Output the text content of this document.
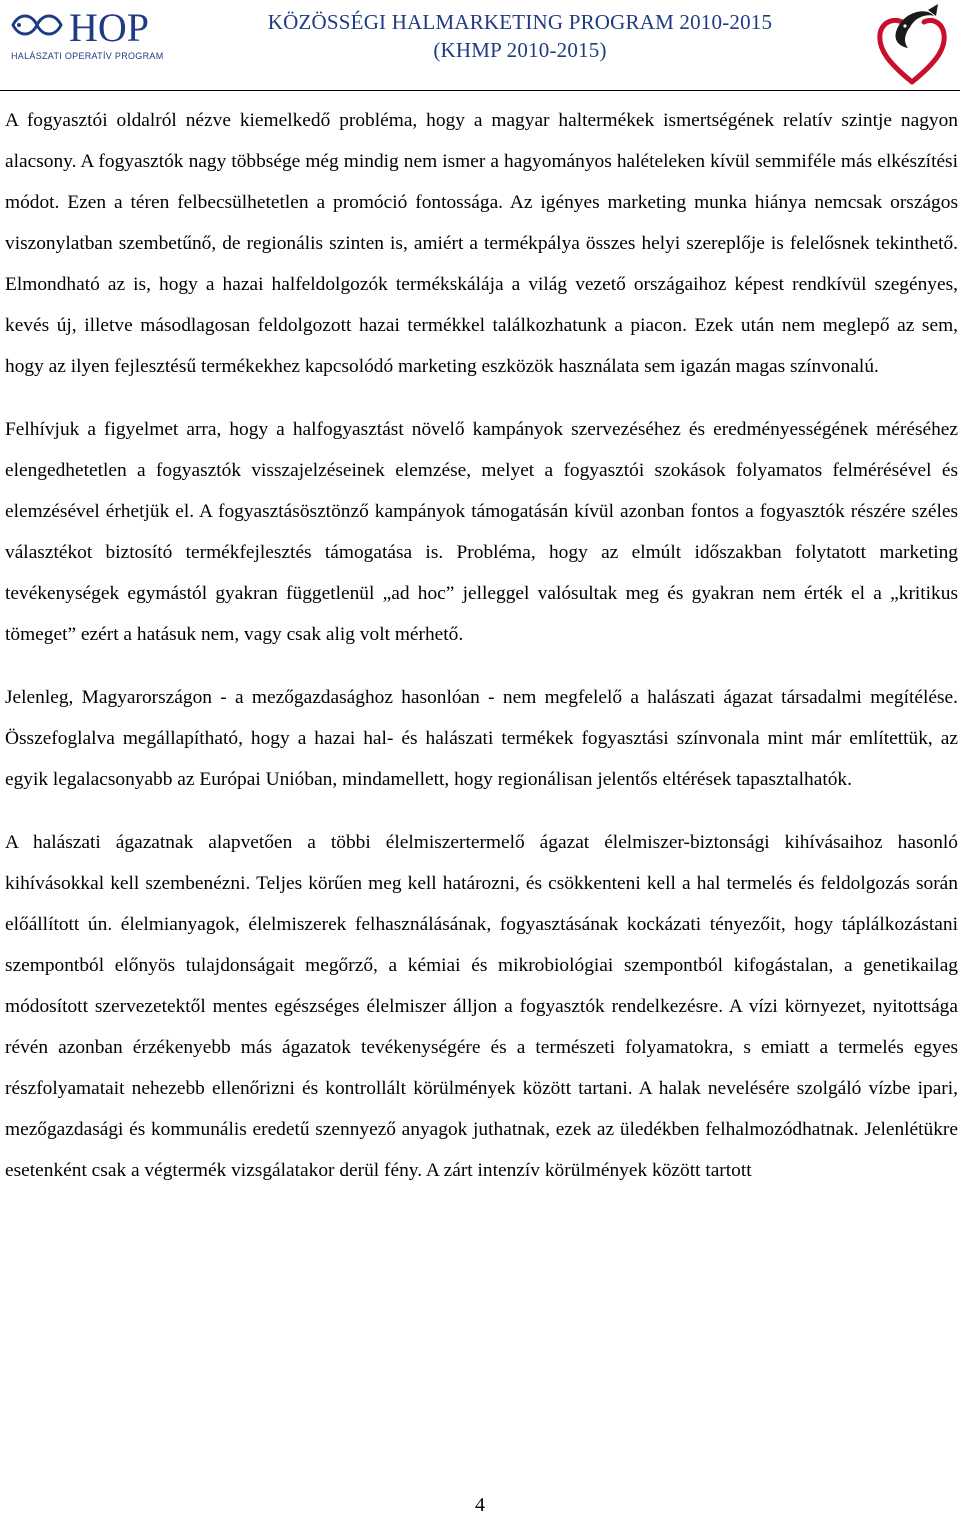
HOP
HALÁSZATI OPERATÍV PROGRAM
KÖZÖSSÉGI HALMARKETING PROGRAM 2010-2015
(KHMP 2010-2015)

A fogyasztói oldalról nézve kiemelkedő probléma, hogy a magyar haltermékek ismertségének relatív szintje nagyon alacsony. A fogyasztók nagy többsége még mindig nem ismer a hagyományos halételeken kívül semmiféle más elkészítési módot. Ezen a téren felbecsülhetetlen a promóció fontossága. Az igényes marketing munka hiánya nemcsak országos viszonylatban szembetűnő, de regionális szinten is, amiért a termékpálya összes helyi szereplője is felelősnek tekinthető. Elmondható az is, hogy a hazai halfeldolgozók termékskálája a világ vezető országaihoz képest rendkívül szegényes, kevés új, illetve másodlagosan feldolgozott hazai termékkel találkozhatunk a piacon. Ezek után nem meglepő az sem, hogy az ilyen fejlesztésű termékekhez kapcsolódó marketing eszközök használata sem igazán magas színvonalú.

Felhívjuk a figyelmet arra, hogy a halfogyasztást növelő kampányok szervezéséhez és eredményességének méréséhez elengedhetetlen a fogyasztók visszajelzéseinek elemzése, melyet a fogyasztói szokások folyamatos felmérésével és elemzésével érhetjük el. A fogyasztásösztönző kampányok támogatásán kívül azonban fontos a fogyasztók részére széles választékot biztosító termékfejlesztés támogatása is. Probléma, hogy az elmúlt időszakban folytatott marketing tevékenységek egymástól gyakran függetlenül „ad hoc” jelleggel valósultak meg és gyakran nem érték el a „kritikus tömeget” ezért a hatásuk nem, vagy csak alig volt mérhető.

Jelenleg, Magyarországon - a mezőgazdasághoz hasonlóan - nem megfelelő a halászati ágazat társadalmi megítélése. Összefoglalva megállapítható, hogy a hazai hal- és halászati termékek fogyasztási színvonala mint már említettük, az egyik legalacsonyabb az Európai Unióban, mindamellett, hogy regionálisan jelentős eltérések tapasztalhatók.

A halászati ágazatnak alapvetően a többi élelmiszertermelő ágazat élelmiszer-biztonsági kihívásaihoz hasonló kihívásokkal kell szembenézni. Teljes körűen meg kell határozni, és csökkenteni kell a hal termelés és feldolgozás során előállított ún. élelmianyagok, élelmiszerek felhasználásának, fogyasztásának kockázati tényezőit, hogy táplálkozástani szempontból előnyös tulajdonságait megőrző, a kémiai és mikrobiológiai szempontból kifogástalan, a genetikailag módosított szervezetektől mentes egészséges élelmiszer álljon a fogyasztók rendelkezésre. A vízi környezet, nyitottsága révén azonban érzékenyebb más ágazatok tevékenységére és a természeti folyamatokra, s emiatt a termelés egyes részfolyamatait nehezebb ellenőrizni és kontrollált körülmények között tartani. A halak nevelésére szolgáló vízbe ipari, mezőgazdasági és kommunális eredetű szennyező anyagok juthatnak, ezek az üledékben felhalmozódhatnak. Jelenlétükre esetenként csak a végtermék vizsgálatakor derül fény. A zárt intenzív körülmények között tartott

4
